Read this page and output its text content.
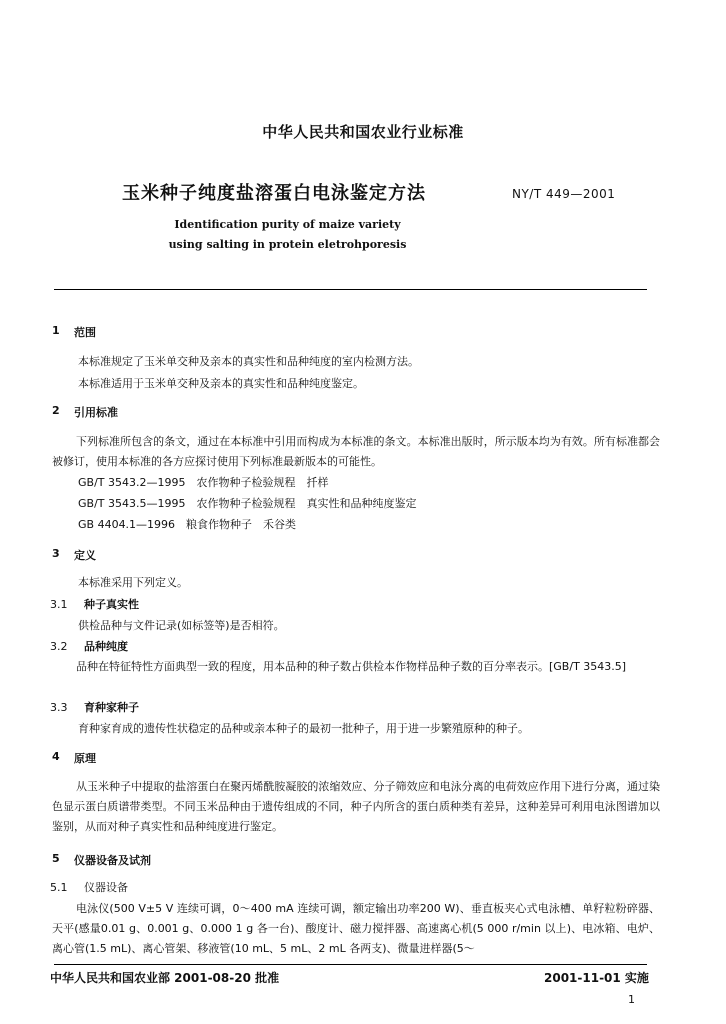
中华人民共和国农业行业标准
玉米种子纯度盐溶蛋白电泳鉴定方法	NY/T 449—2001
Identification purity of maize variety
using salting in protein eletrohporesis
1 范围
本标准规定了玉米单交种及亲本的真实性和品种纯度的室内检测方法。
本标准适用于玉米单交种及亲本的真实性和品种纯度鉴定。
2 引用标准
下列标准所包含的条文，通过在本标准中引用而构成为本标准的条文。本标准出版时，所示版本均为有效。所有标准都会被修订，使用本标准的各方应探讨使用下列标准最新版本的可能性。
GB/T 3543.2—1995　农作物种子检验规程　扦样
GB/T 3543.5—1995　农作物种子检验规程　真实性和品种纯度鉴定
GB 4404.1—1996　粮食作物种子　禾谷类
3 定义
本标准采用下列定义。
3.1 种子真实性
供检品种与文件记录(如标签等)是否相符。
3.2 品种纯度
品种在特征特性方面典型一致的程度，用本品种的种子数占供检本作物样品种子数的百分率表示。[GB/T 3543.5]
3.3 育种家种子
育种家育成的遗传性状稳定的品种或亲本种子的最初一批种子，用于进一步繁殖原种的种子。
4 原理
从玉米种子中提取的盐溶蛋白在聚丙烯酰胺凝胶的浓缩效应、分子筛效应和电泳分离的电荷效应作用下进行分离，通过染色显示蛋白质谱带类型。不同玉米品种由于遗传组成的不同，种子内所含的蛋白质种类有差异，这种差异可利用电泳图谱加以鉴别，从而对种子真实性和品种纯度进行鉴定。
5 仪器设备及试剂
5.1 仪器设备
电泳仪(500 V±5 V 连续可调，0～400 mA 连续可调，额定输出功率200 W)、垂直板夹心式电泳槽、单籽粒粉碎器、天平(感量0.01 g、0.001 g、0.000 1 g 各一台)、酸度计、磁力搅拌器、高速离心机(5 000 r/min 以上)、电冰箱、电炉、离心管(1.5 mL)、离心管架、移液管(10 mL、5 mL、2 mL 各两支)、微量进样器(5～
中华人民共和国农业部 2001-08-20 批准	2001-11-01 实施
1
